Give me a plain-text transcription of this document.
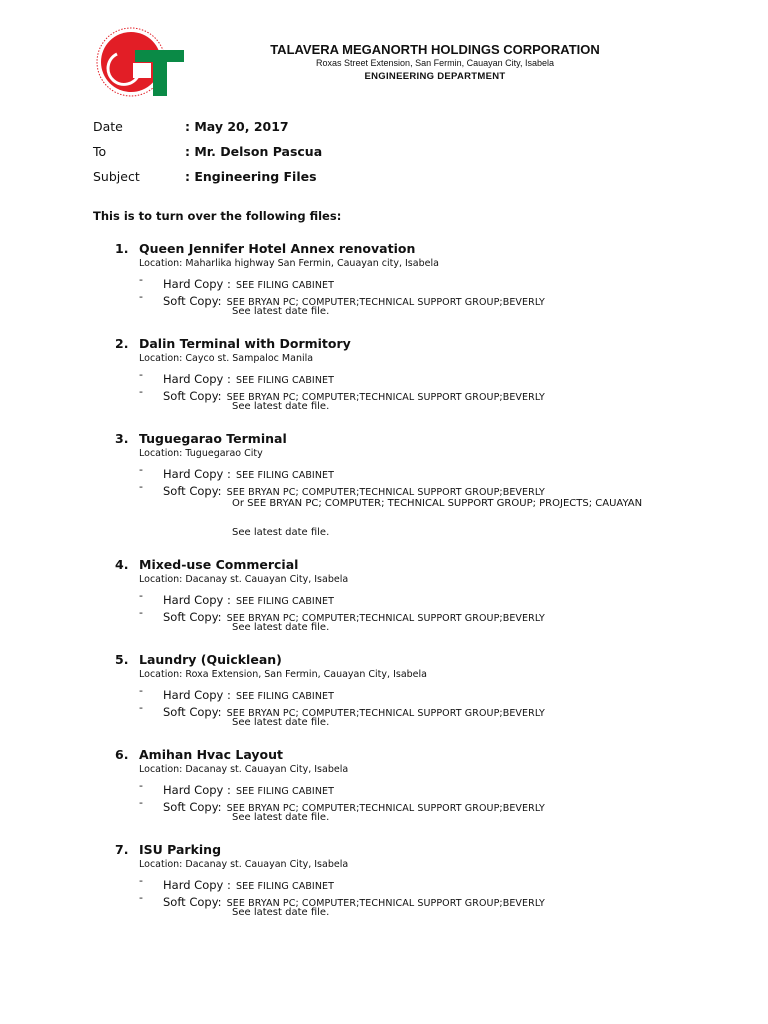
TALAVERA MEGANORTH HOLDINGS CORPORATION
Roxas Street Extension, San Fermin, Cauayan City, Isabela
ENGINEERING DEPARTMENT
Date	: May 20, 2017
To	: Mr. Delson Pascua
Subject	: Engineering Files
This is to turn over the following files:
1. Queen Jennifer Hotel Annex renovation
Location: Maharlika highway San Fermin, Cauayan city, Isabela
- Hard Copy : SEE FILING CABINET
- Soft Copy: SEE BRYAN PC; COMPUTER;TECHNICAL SUPPORT GROUP;BEVERLY
See latest date file.
2. Dalin Terminal with Dormitory
Location: Cayco st. Sampaloc Manila
- Hard Copy : SEE FILING CABINET
- Soft Copy: SEE BRYAN PC; COMPUTER;TECHNICAL SUPPORT GROUP;BEVERLY
See latest date file.
3. Tuguegarao Terminal
Location: Tuguegarao City
- Hard Copy : SEE FILING CABINET
- Soft Copy: SEE BRYAN PC; COMPUTER;TECHNICAL SUPPORT GROUP;BEVERLY
Or SEE BRYAN PC; COMPUTER; TECHNICAL SUPPORT GROUP; PROJECTS; CAUAYAN
See latest date file.
4. Mixed-use Commercial
Location: Dacanay st. Cauayan City, Isabela
- Hard Copy : SEE FILING CABINET
- Soft Copy: SEE BRYAN PC; COMPUTER;TECHNICAL SUPPORT GROUP;BEVERLY
See latest date file.
5. Laundry (Quicklean)
Location: Roxa Extension, San Fermin, Cauayan City, Isabela
- Hard Copy : SEE FILING CABINET
- Soft Copy: SEE BRYAN PC; COMPUTER;TECHNICAL SUPPORT GROUP;BEVERLY
See latest date file.
6. Amihan Hvac Layout
Location: Dacanay st. Cauayan City, Isabela
- Hard Copy : SEE FILING CABINET
- Soft Copy: SEE BRYAN PC; COMPUTER;TECHNICAL SUPPORT GROUP;BEVERLY
See latest date file.
7. ISU Parking
Location: Dacanay st. Cauayan City, Isabela
- Hard Copy : SEE FILING CABINET
- Soft Copy: SEE BRYAN PC; COMPUTER;TECHNICAL SUPPORT GROUP;BEVERLY
See latest date file.
